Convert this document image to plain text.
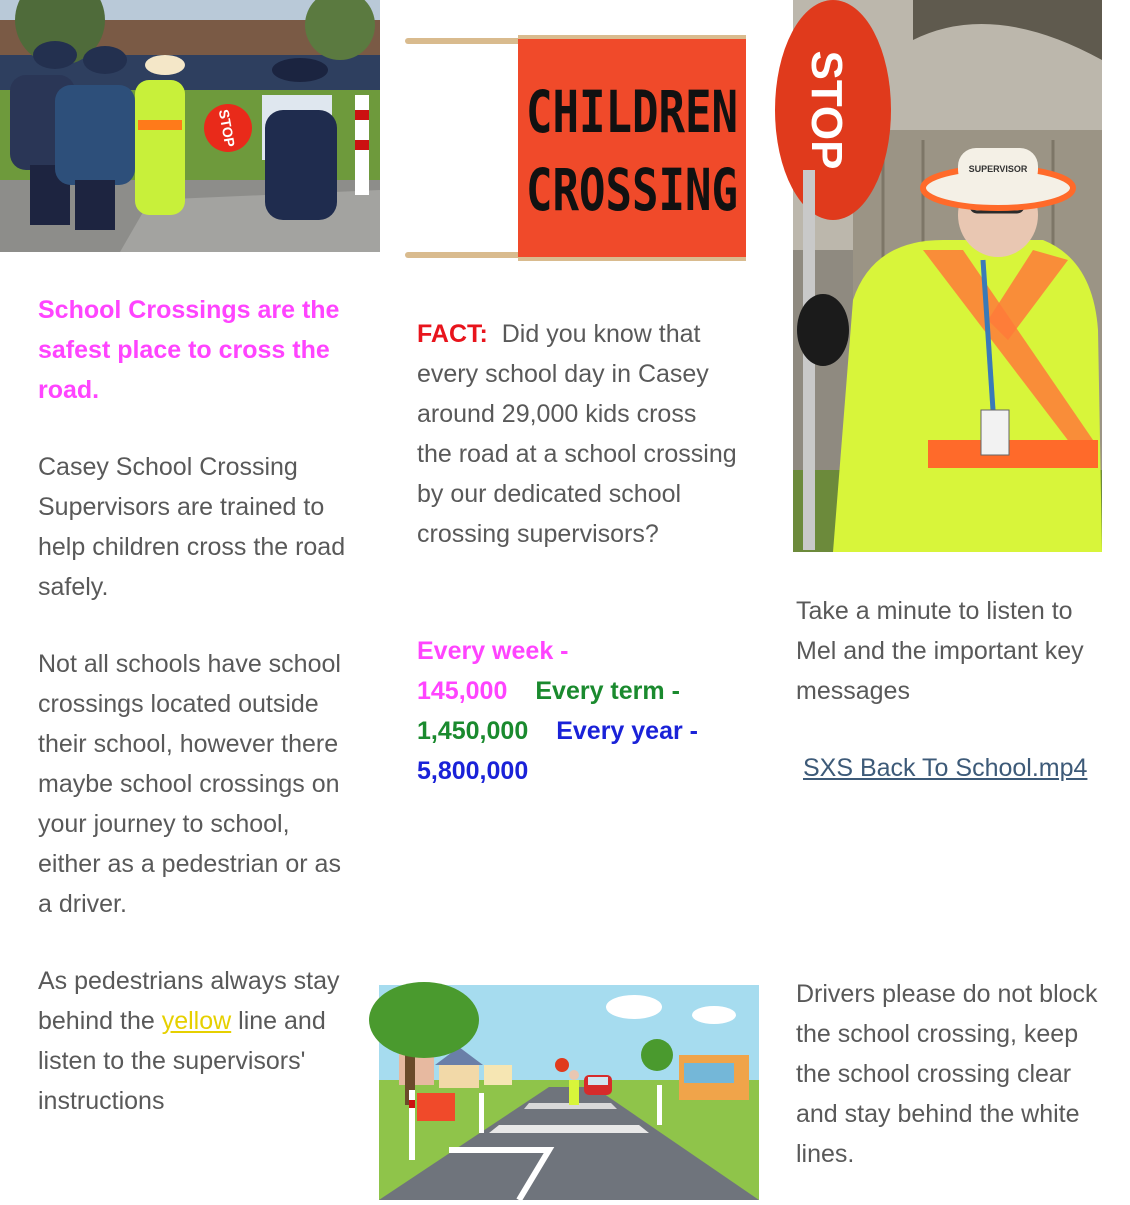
STOP	CHILDREN
CROSSING
STOP	SUPERVISOR
School Crossings are the safest place to cross the road.
Casey School Crossing Supervisors are trained to help children cross the road safely.
Not all schools have school crossings located outside their school, however there maybe school crossings on your journey to school, either as a pedestrian or as a driver.
As pedestrians always stay behind the yellow line and listen to the supervisors' instructions
FACT: Did you know that every school day in Casey around 29,000 kids cross the road at a school crossing by our dedicated school crossing supervisors?
Every week -
145,000 Every term -
1,450,000 Every year -
5,800,000
Take a minute to listen to Mel and the important key messages
SXS Back To School.mp4
Drivers please do not block the school crossing, keep the school crossing clear and stay behind the white lines.
